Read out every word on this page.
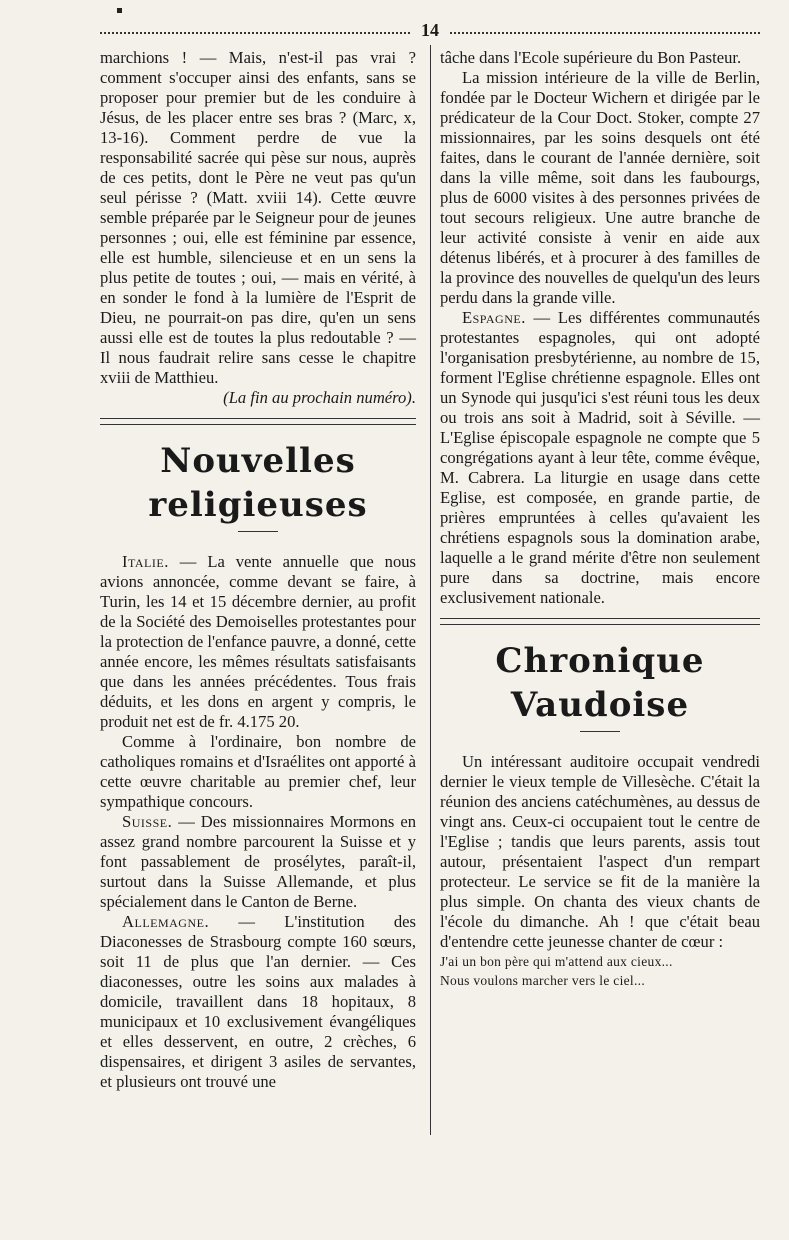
14

marchions ! — Mais, n'est-il pas vrai ? comment s'occuper ainsi des enfants, sans se proposer pour premier but de les conduire à Jésus, de les placer entre ses bras ? (Marc, x, 13-16). Comment perdre de vue la responsabilité sacrée qui pèse sur nous, auprès de ces petits, dont le Père ne veut pas qu'un seul périsse ? (Matt. xviii 14). Cette œuvre semble préparée par le Seigneur pour de jeunes personnes ; oui, elle est féminine par essence, elle est humble, silencieuse et en un sens la plus petite de toutes ; oui, — mais en vérité, à en sonder le fond à la lumière de l'Esprit de Dieu, ne pourrait-on pas dire, qu'en un sens aussi elle est de toutes la plus redoutable ? — Il nous faudrait relire sans cesse le chapitre xviii de Matthieu.

(La fin au prochain numéro).

Nouvelles religieuses

Italie. — La vente annuelle que nous avions annoncée, comme devant se faire, à Turin, les 14 et 15 décembre dernier, au profit de la Société des Demoiselles protestantes pour la protection de l'enfance pauvre, a donné, cette année encore, les mêmes résultats satisfaisants que dans les années précédentes. Tous frais déduits, et les dons en argent y compris, le produit net est de fr. 4.175 20.

Comme à l'ordinaire, bon nombre de catholiques romains et d'Israélites ont apporté à cette œuvre charitable au premier chef, leur sympathique concours.

Suisse. — Des missionnaires Mormons en assez grand nombre parcourent la Suisse et y font passablement de prosélytes, paraît-il, surtout dans la Suisse Allemande, et plus spécialement dans le Canton de Berne.

Allemagne. — L'institution des Diaconesses de Strasbourg compte 160 sœurs, soit 11 de plus que l'an dernier. — Ces diaconesses, outre les soins aux malades à domicile, travaillent dans 18 hopitaux, 8 municipaux et 10 exclusivement évangéliques et elles desservent, en outre, 2 crèches, 6 dispensaires, et dirigent 3 asiles de servantes, et plusieurs ont trouvé une

tâche dans l'Ecole supérieure du Bon Pasteur.

La mission intérieure de la ville de Berlin, fondée par le Docteur Wichern et dirigée par le prédicateur de la Cour Doct. Stoker, compte 27 missionnaires, par les soins desquels ont été faites, dans le courant de l'année dernière, soit dans la ville même, soit dans les faubourgs, plus de 6000 visites à des personnes privées de tout secours religieux. Une autre branche de leur activité consiste à venir en aide aux détenus libérés, et à procurer à des familles de la province des nouvelles de quelqu'un des leurs perdu dans la grande ville.

Espagne. — Les différentes communautés protestantes espagnoles, qui ont adopté l'organisation presbytérienne, au nombre de 15, forment l'Eglise chrétienne espagnole. Elles ont un Synode qui jusqu'ici s'est réuni tous les deux ou trois ans soit à Madrid, soit à Séville. — L'Eglise épiscopale espagnole ne compte que 5 congrégations ayant à leur tête, comme évêque, M. Cabrera. La liturgie en usage dans cette Eglise, est composée, en grande partie, de prières empruntées à celles qu'avaient les chrétiens espagnols sous la domination arabe, laquelle a le grand mérite d'être non seulement pure dans sa doctrine, mais encore exclusivement nationale.

Chronique Vaudoise

Un intéressant auditoire occupait vendredi dernier le vieux temple de Villesèche. C'était la réunion des anciens catéchumènes, au dessus de vingt ans. Ceux-ci occupaient tout le centre de l'Eglise ; tandis que leurs parents, assis tout autour, présentaient l'aspect d'un rempart protecteur. Le service se fit de la manière la plus simple. On chanta des vieux chants de l'école du dimanche. Ah ! que c'était beau d'entendre cette jeunesse chanter de cœur :

J'ai un bon père qui m'attend aux cieux...

Nous voulons marcher vers le ciel...
